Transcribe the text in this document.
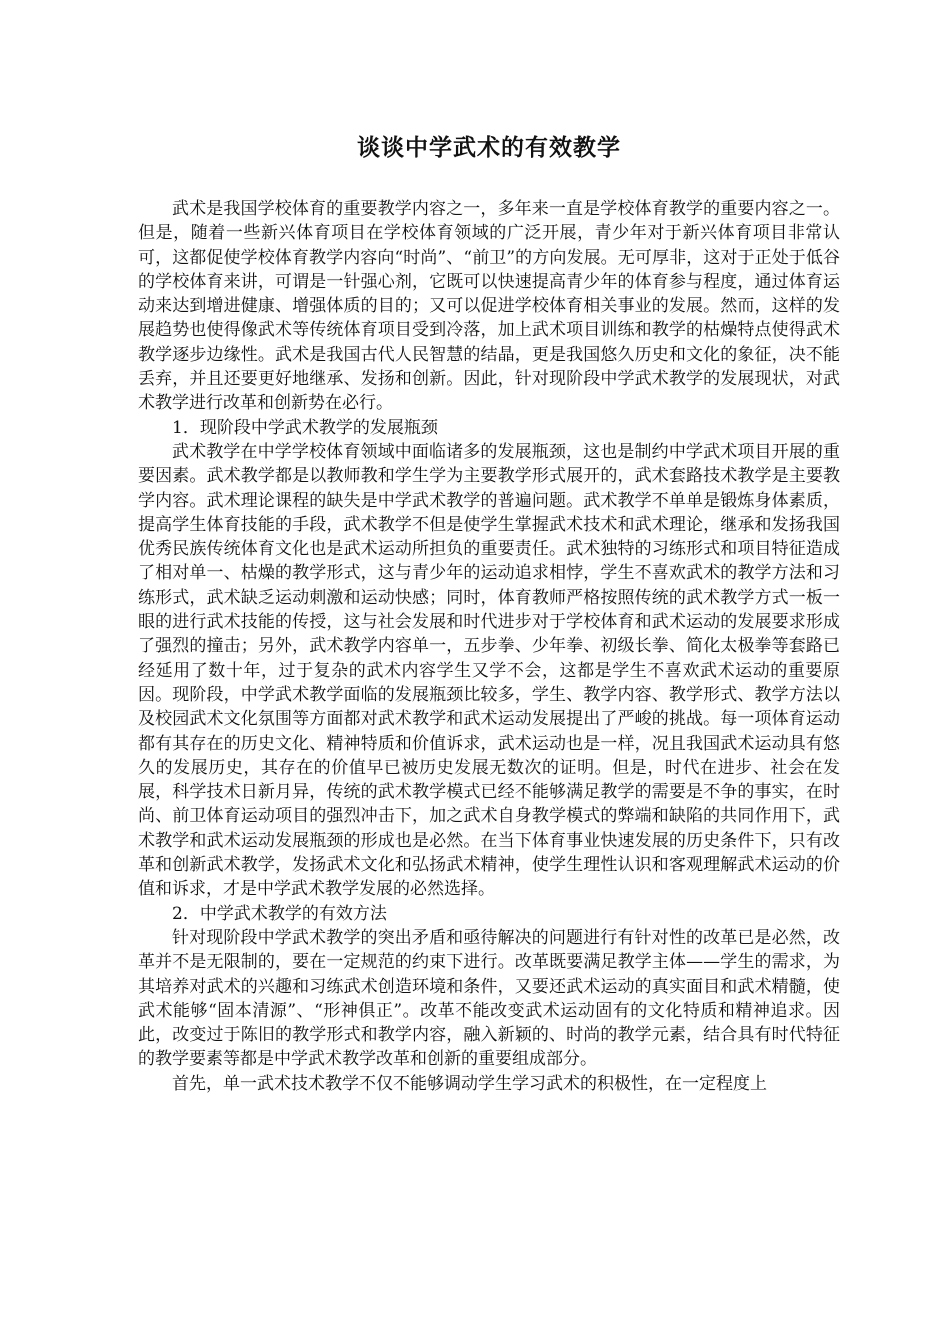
谈谈中学武术的有效教学

武术是我国学校体育的重要教学内容之一，多年来一直是学校体育教学的重要内容之一。但是，随着一些新兴体育项目在学校体育领域的广泛开展，青少年对于新兴体育项目非常认可，这都促使学校体育教学内容向“时尚”、“前卫”的方向发展。无可厚非，这对于正处于低谷的学校体育来讲，可谓是一针强心剂，它既可以快速提高青少年的体育参与程度，通过体育运动来达到增进健康、增强体质的目的；又可以促进学校体育相关事业的发展。然而，这样的发展趋势也使得像武术等传统体育项目受到冷落，加上武术项目训练和教学的枯燥特点使得武术教学逐步边缘性。武术是我国古代人民智慧的结晶，更是我国悠久历史和文化的象征，决不能丢弃，并且还要更好地继承、发扬和创新。因此，针对现阶段中学武术教学的发展现状，对武术教学进行改革和创新势在必行。

1．现阶段中学武术教学的发展瓶颈

武术教学在中学学校体育领域中面临诸多的发展瓶颈，这也是制约中学武术项目开展的重要因素。武术教学都是以教师教和学生学为主要教学形式展开的，武术套路技术教学是主要教学内容。武术理论课程的缺失是中学武术教学的普遍问题。武术教学不单单是锻炼身体素质，提高学生体育技能的手段，武术教学不但是使学生掌握武术技术和武术理论，继承和发扬我国优秀民族传统体育文化也是武术运动所担负的重要责任。武术独特的习练形式和项目特征造成了相对单一、枯燥的教学形式，这与青少年的运动追求相悖，学生不喜欢武术的教学方法和习练形式，武术缺乏运动刺激和运动快感；同时，体育教师严格按照传统的武术教学方式一板一眼的进行武术技能的传授，这与社会发展和时代进步对于学校体育和武术运动的发展要求形成了强烈的撞击；另外，武术教学内容单一，五步拳、少年拳、初级长拳、简化太极拳等套路已经延用了数十年，过于复杂的武术内容学生又学不会，这都是学生不喜欢武术运动的重要原因。现阶段，中学武术教学面临的发展瓶颈比较多，学生、教学内容、教学形式、教学方法以及校园武术文化氛围等方面都对武术教学和武术运动发展提出了严峻的挑战。每一项体育运动都有其存在的历史文化、精神特质和价值诉求，武术运动也是一样，况且我国武术运动具有悠久的发展历史，其存在的价值早已被历史发展无数次的证明。但是，时代在进步、社会在发展，科学技术日新月异，传统的武术教学模式已经不能够满足教学的需要是不争的事实，在时尚、前卫体育运动项目的强烈冲击下，加之武术自身教学模式的弊端和缺陷的共同作用下，武术教学和武术运动发展瓶颈的形成也是必然。在当下体育事业快速发展的历史条件下，只有改革和创新武术教学，发扬武术文化和弘扬武术精神，使学生理性认识和客观理解武术运动的价值和诉求，才是中学武术教学发展的必然选择。

2．中学武术教学的有效方法

针对现阶段中学武术教学的突出矛盾和亟待解决的问题进行有针对性的改革已是必然，改革并不是无限制的，要在一定规范的约束下进行。改革既要满足教学主体——学生的需求，为其培养对武术的兴趣和习练武术创造环境和条件，又要还武术运动的真实面目和武术精髓，使武术能够“固本清源”、“形神俱正”。改革不能改变武术运动固有的文化特质和精神追求。因此，改变过于陈旧的教学形式和教学内容，融入新颖的、时尚的教学元素，结合具有时代特征的教学要素等都是中学武术教学改革和创新的重要组成部分。

首先，单一武术技术教学不仅不能够调动学生学习武术的积极性，在一定程度上
